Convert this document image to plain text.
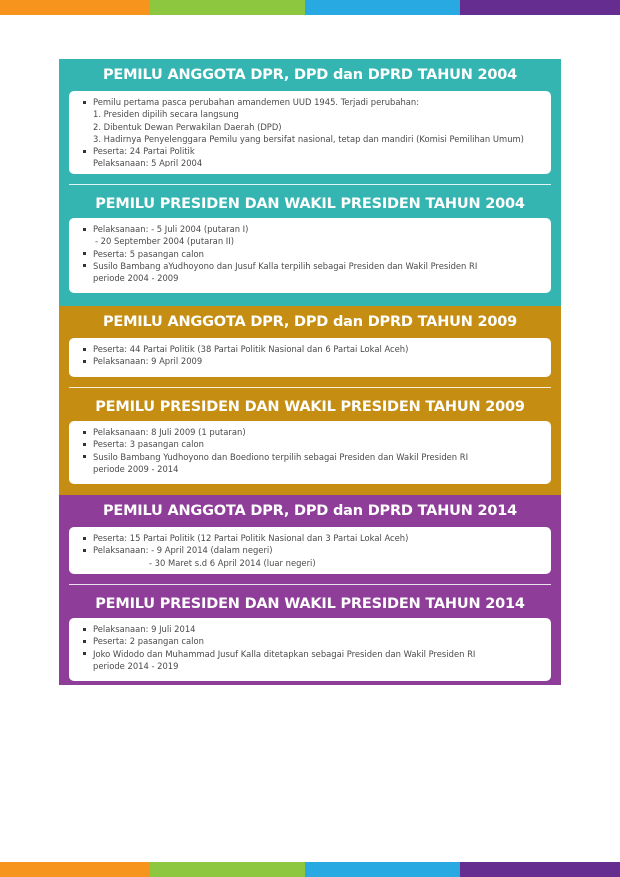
PEMILU ANGGOTA DPR, DPD dan DPRD TAHUN 2004
Pemilu pertama pasca perubahan amandemen UUD 1945. Terjadi perubahan:
1. Presiden dipilih secara langsung
2. Dibentuk Dewan Perwakilan Daerah (DPD)
3. Hadirnya Penyelenggara Pemilu yang bersifat nasional, tetap dan mandiri (Komisi Pemilihan Umum)
Peserta: 24 Partai Politik
Pelaksanaan: 5 April 2004
PEMILU PRESIDEN DAN WAKIL PRESIDEN TAHUN 2004
Pelaksanaan: - 5 Juli 2004 (putaran I)
- 20 September 2004 (putaran II)
Peserta: 5 pasangan calon
Susilo Bambang aYudhoyono dan Jusuf Kalla terpilih sebagai Presiden dan Wakil Presiden RI
periode 2004 - 2009
PEMILU ANGGOTA DPR, DPD dan DPRD TAHUN 2009
Peserta: 44 Partai Politik (38 Partai Politik Nasional dan 6 Partai Lokal Aceh)
Pelaksanaan: 9 April 2009
PEMILU PRESIDEN DAN WAKIL PRESIDEN TAHUN 2009
Pelaksanaan: 8 Juli 2009 (1 putaran)
Peserta: 3 pasangan calon
Susilo Bambang Yudhoyono dan Boediono terpilih sebagai Presiden dan Wakil Presiden RI
periode 2009 - 2014
PEMILU ANGGOTA DPR, DPD dan DPRD TAHUN 2014
Peserta: 15 Partai Politik (12 Partai Politik Nasional dan 3 Partai Lokal Aceh)
Pelaksanaan: - 9 April 2014 (dalam negeri)
- 30 Maret s.d 6 April 2014 (luar negeri)
PEMILU PRESIDEN DAN WAKIL PRESIDEN TAHUN 2014
Pelaksanaan: 9 Juli 2014
Peserta: 2 pasangan calon
Joko Widodo dan Muhammad Jusuf Kalla ditetapkan sebagai Presiden dan Wakil Presiden RI
periode 2014 - 2019
